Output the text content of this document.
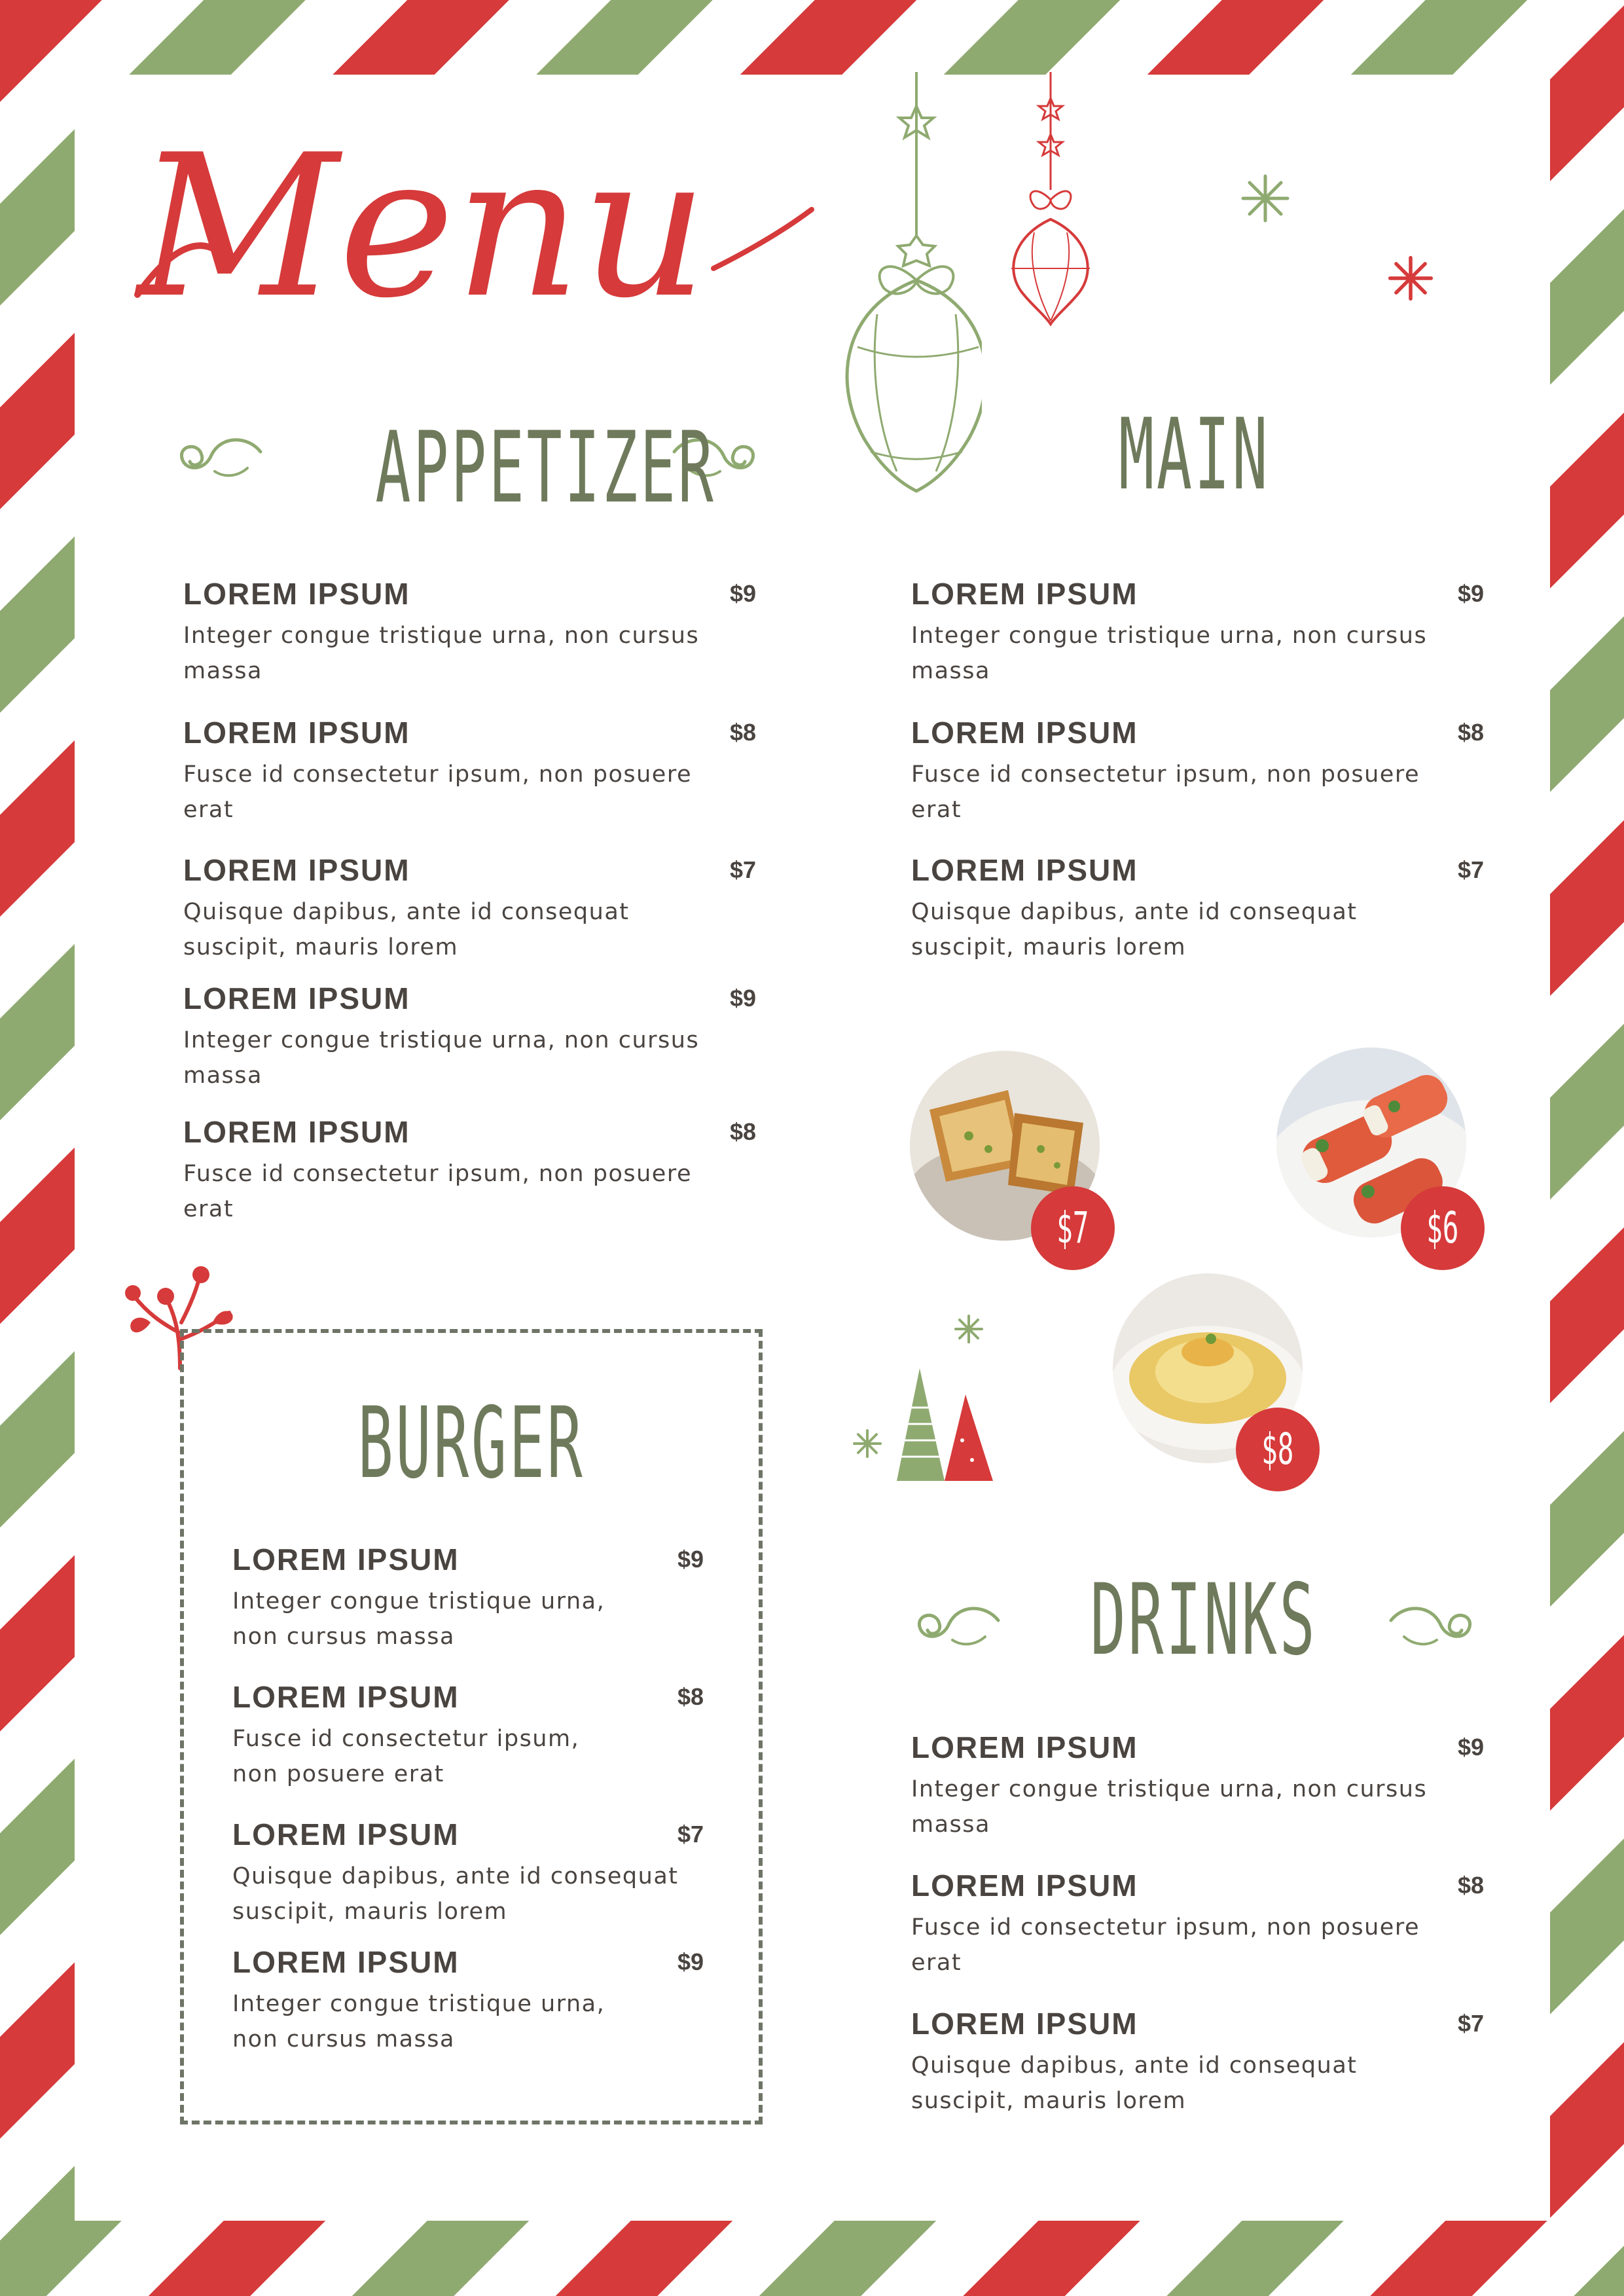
Menu
APPETIZER	MAIN
BURGER
DRINKS
LOREM IPSUM	$9
Integer congue tristique urna, non cursus
massa
LOREM IPSUM	$8
Fusce id consectetur ipsum, non posuere
erat
LOREM IPSUM	$7
Quisque dapibus, ante id consequat
suscipit, mauris lorem
LOREM IPSUM	$9
Integer congue tristique urna, non cursus
massa
LOREM IPSUM	$8
Fusce id consectetur ipsum, non posuere
erat
LOREM IPSUM	$9
Integer congue tristique urna, non cursus
massa
LOREM IPSUM	$8
Fusce id consectetur ipsum, non posuere
erat
LOREM IPSUM	$7
Quisque dapibus, ante id consequat
suscipit, mauris lorem
$7	$6
$8
LOREM IPSUM	$9
Integer congue tristique urna,
non cursus massa
LOREM IPSUM	$8
Fusce id consectetur ipsum,
non posuere erat
LOREM IPSUM	$7
Quisque dapibus, ante id consequat
suscipit, mauris lorem
LOREM IPSUM	$9
Integer congue tristique urna,
non cursus massa
LOREM IPSUM	$9
Integer congue tristique urna, non cursus
massa
LOREM IPSUM	$8
Fusce id consectetur ipsum, non posuere
erat
LOREM IPSUM	$7
Quisque dapibus, ante id consequat
suscipit, mauris lorem
